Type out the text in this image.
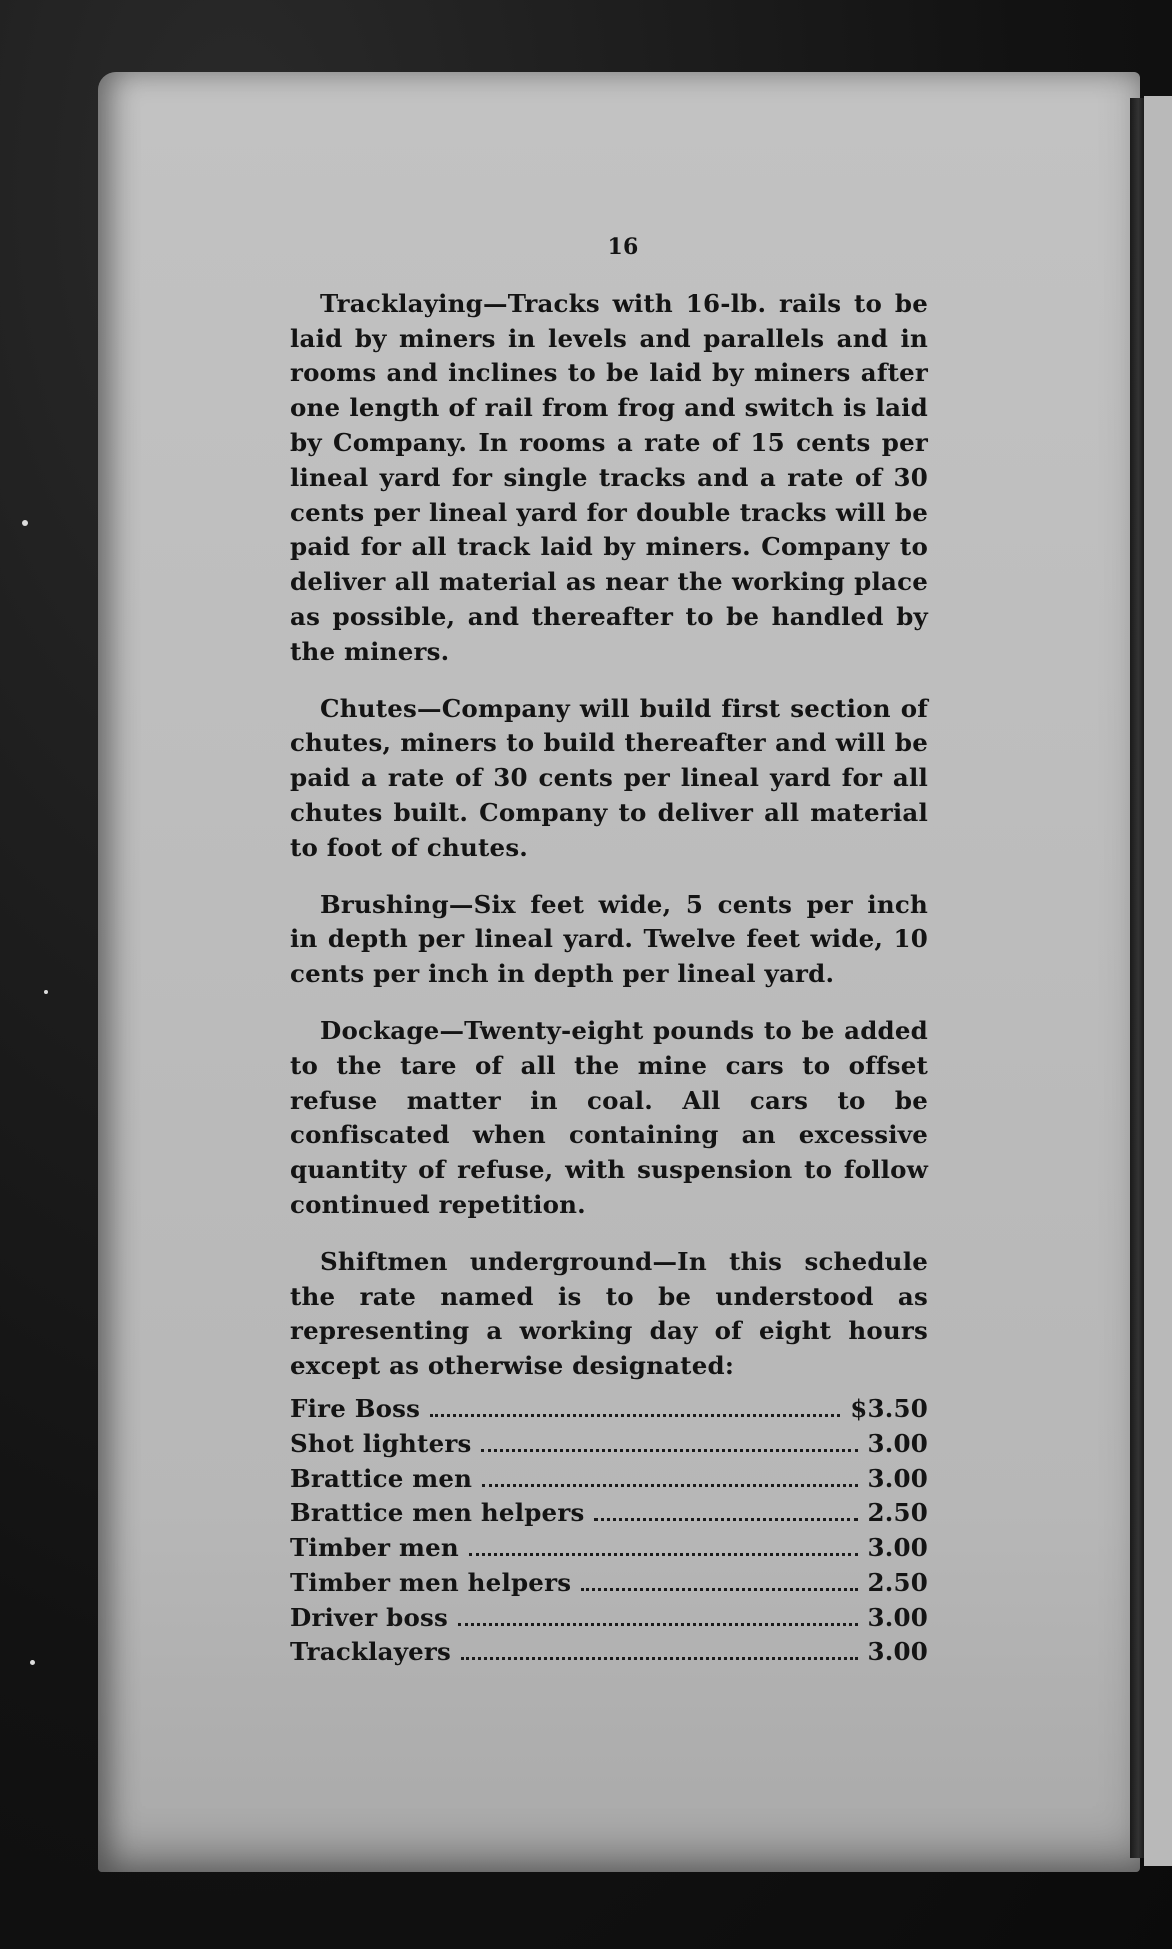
16

Tracklaying—Tracks with 16-lb. rails to be laid by miners in levels and parallels and in rooms and inclines to be laid by miners after one length of rail from frog and switch is laid by Company. In rooms a rate of 15 cents per lineal yard for single tracks and a rate of 30 cents per lineal yard for double tracks will be paid for all track laid by miners. Company to deliver all material as near the working place as possible, and thereafter to be handled by the miners.

Chutes—Company will build first section of chutes, miners to build thereafter and will be paid a rate of 30 cents per lineal yard for all chutes built. Company to deliver all material to foot of chutes.

Brushing—Six feet wide, 5 cents per inch in depth per lineal yard. Twelve feet wide, 10 cents per inch in depth per lineal yard.

Dockage—Twenty-eight pounds to be added to the tare of all the mine cars to offset refuse matter in coal. All cars to be confiscated when containing an excessive quantity of refuse, with suspension to follow continued repetition.

Shiftmen underground—In this schedule the rate named is to be understood as representing a working day of eight hours except as otherwise designated:

Fire Boss	$3.50
Shot lighters	3.00
Brattice men	3.00
Brattice men helpers	2.50
Timber men	3.00
Timber men helpers	2.50
Driver boss	3.00
Tracklayers	3.00
